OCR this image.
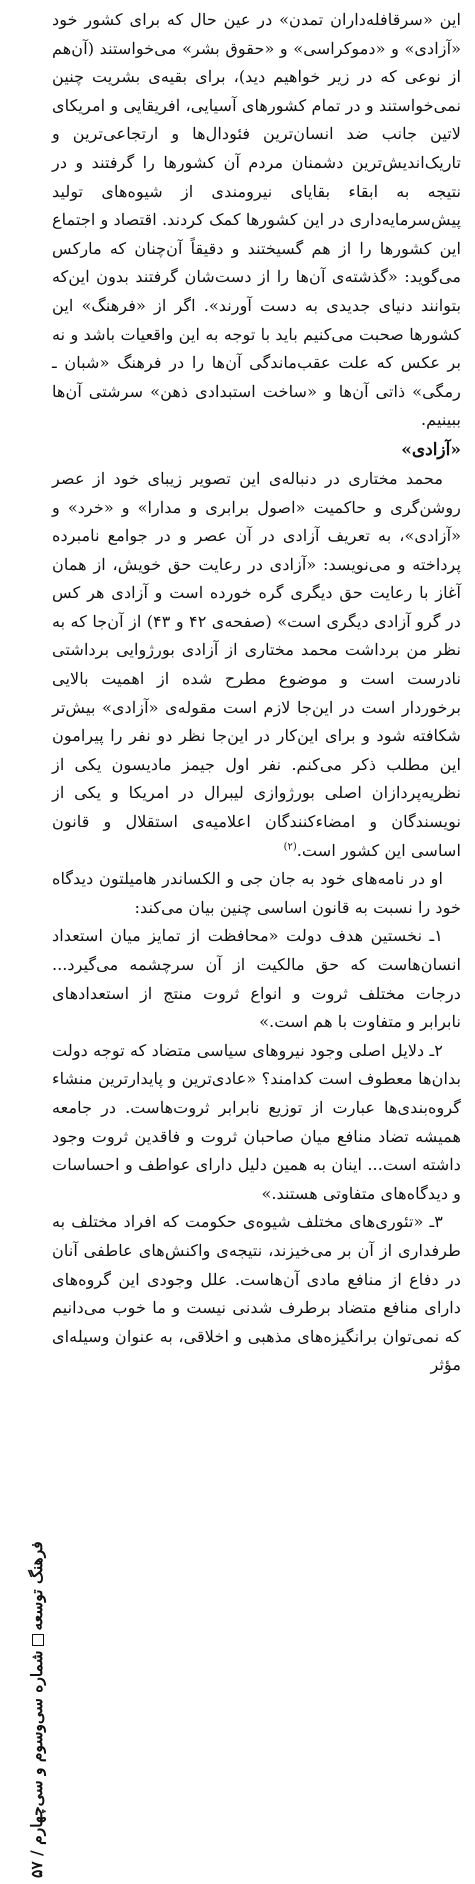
این «سرقافله‌داران تمدن» در عین حال که برای کشور خود «آزادی» و «دموکراسی» و «حقوق بشر» می‌خواستند (آن‌هم از نوعی که در زیر خواهیم دید)، برای بقیه‌ی بشریت چنین نمی‌خواستند و در تمام کشورهای آسیایی، افریقایی و امریکای لاتین جانب ضد انسان‌ترین فئودال‌ها و ارتجاعی‌ترین و تاریک‌اندیش‌ترین دشمنان مردم آن کشورها را گرفتند و در نتیجه به ابقاء بقایای نیرومندی از شیوه‌های تولید پیش‌سرمایه‌داری در این کشورها کمک کردند. اقتصاد و اجتماع این کشورها را از هم گسیختند و دقیقاً آن‌چنان که مارکس می‌گوید: «گذشته‌ی آن‌ها را از دست‌شان گرفتند بدون این‌که بتوانند دنیای جدیدی به دست آورند». اگر از «فرهنگ» این کشورها صحبت می‌کنیم باید با توجه به این واقعیات باشد و نه بر عکس که علت عقب‌ماندگی آن‌ها را در فرهنگ «شبان ـ رمگی» ذاتی آن‌ها و «ساخت استبدادی ذهن» سرشتی آن‌ها ببینیم.

«آزادی»

محمد مختاری در دنباله‌ی این تصویر زیبای خود از عصر روشن‌گری و حاکمیت «اصول برابری و مدارا» و «خرد» و «آزادی»، به تعریف آزادی در آن عصر و در جوامع نامبرده پرداخته و می‌نویسد: «آزادی در رعایت حق خویش، از همان آغاز با رعایت حق دیگری گره خورده است و آزادی هر کس در گرو آزادی دیگری است» (صفحه‌ی ۴۲ و ۴۳) از آن‌جا که به نظر من برداشت محمد مختاری از آزادی بورژوایی برداشتی نادرست است و موضوع مطرح شده از اهمیت بالایی برخوردار است در این‌جا لازم است مقوله‌ی «آزادی» بیش‌تر شکافته شود و برای این‌کار در این‌جا نظر دو نفر را پیرامون این مطلب ذکر می‌کنم. نفر اول جیمز مادیسون یکی از نظریه‌پردازان اصلی بورژوازی لیبرال در امریکا و یکی از نویسندگان و امضاءکنندگان اعلامیه‌ی استقلال و قانون اساسی این کشور است.$^{(۲)}$

او در نامه‌های خود به جان جی و الکساندر هامیلتون دیدگاه خود را نسبت به قانون اساسی چنین بیان می‌کند:

۱ـ نخستین هدف دولت «محافظت از تمایز میان استعداد انسان‌هاست که حق مالکیت از آن سرچشمه می‌گیرد... درجات مختلف ثروت و انواع ثروت منتج از استعدادهای نابرابر و متفاوت با هم است.»

۲ـ دلایل اصلی وجود نیروهای سیاسی متضاد که توجه دولت بدان‌ها معطوف است کدامند؟ «عادی‌ترین و پایدارترین منشاء گروه‌بندی‌ها عبارت از توزیع نابرابر ثروت‌هاست. در جامعه همیشه تضاد منافع میان صاحبان ثروت و فاقدین ثروت وجود داشته است... اینان به همین دلیل دارای عواطف و احساسات و دیدگاه‌های متفاوتی هستند.»

۳ـ «تئوری‌های مختلف شیوه‌ی حکومت که افراد مختلف به طرفداری از آن بر می‌خیزند، نتیجه‌ی واکنش‌های عاطفی آنان در دفاع از منافع مادی آن‌هاست. علل وجودی این گروه‌های دارای منافع متضاد برطرف شدنی نیست و ما خوب می‌دانیم که نمی‌توان برانگیزه‌های مذهبی و اخلاقی، به عنوان وسیله‌ای مؤثر

فرهنگ توسعهشماره سی‌وسوم و سی‌چهارم / ۵۷
